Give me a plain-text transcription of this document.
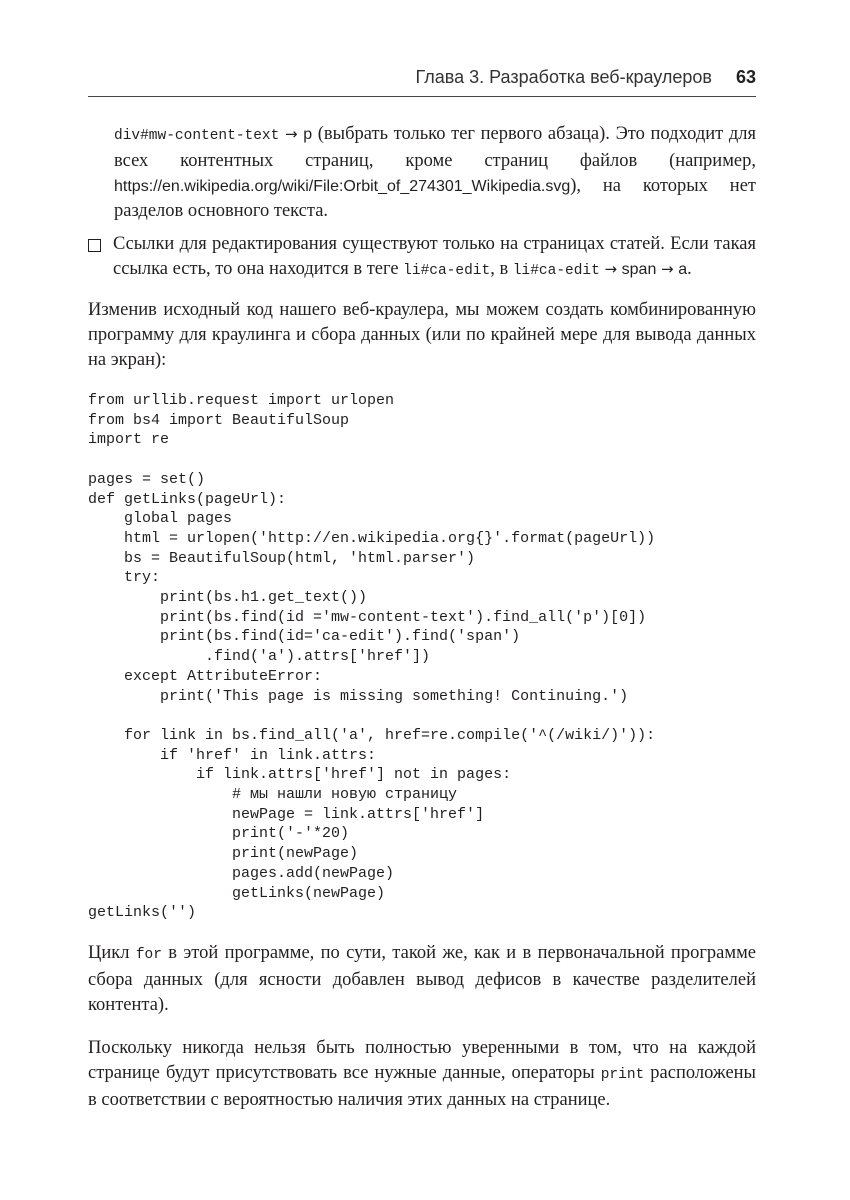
Глава 3. Разработка веб-краулеров 63

div#mw-content-text → p (выбрать только тег первого абзаца). Это подходит для всех контентных страниц, кроме страниц файлов (например, https://en.wikipedia.org/wiki/File:Orbit_of_274301_Wikipedia.svg), на которых нет разделов основного текста.

Ссылки для редактирования существуют только на страницах статей. Если такая ссылка есть, то она находится в теге li#ca-edit, в li#ca-edit → span → a.

Изменив исходный код нашего веб-краулера, мы можем создать комбинированную программу для краулинга и сбора данных (или по крайней мере для вывода данных на экран):

from urllib.request import urlopen
from bs4 import BeautifulSoup
import re
pages = set()
def getLinks(pageUrl):
global pages
html = urlopen('http://en.wikipedia.org{}'.format(pageUrl))
bs = BeautifulSoup(html, 'html.parser')
try:
print(bs.h1.get_text())
print(bs.find(id ='mw-content-text').find_all('p')[0])
print(bs.find(id='ca-edit').find('span')
.find('a').attrs['href'])
except AttributeError:
print('This page is missing something! Continuing.')
for link in bs.find_all('a', href=re.compile('^(/wiki/)')):
if 'href' in link.attrs:
if link.attrs['href'] not in pages:
# мы нашли новую страницу
newPage = link.attrs['href']
print('-'*20)
print(newPage)
pages.add(newPage)
getLinks(newPage)
getLinks('')

Цикл for в этой программе, по сути, такой же, как и в первоначальной программе сбора данных (для ясности добавлен вывод дефисов в качестве разделителей контента).

Поскольку никогда нельзя быть полностью уверенными в том, что на каждой странице будут присутствовать все нужные данные, операторы print расположены в соответствии с вероятностью наличия этих данных на странице.
